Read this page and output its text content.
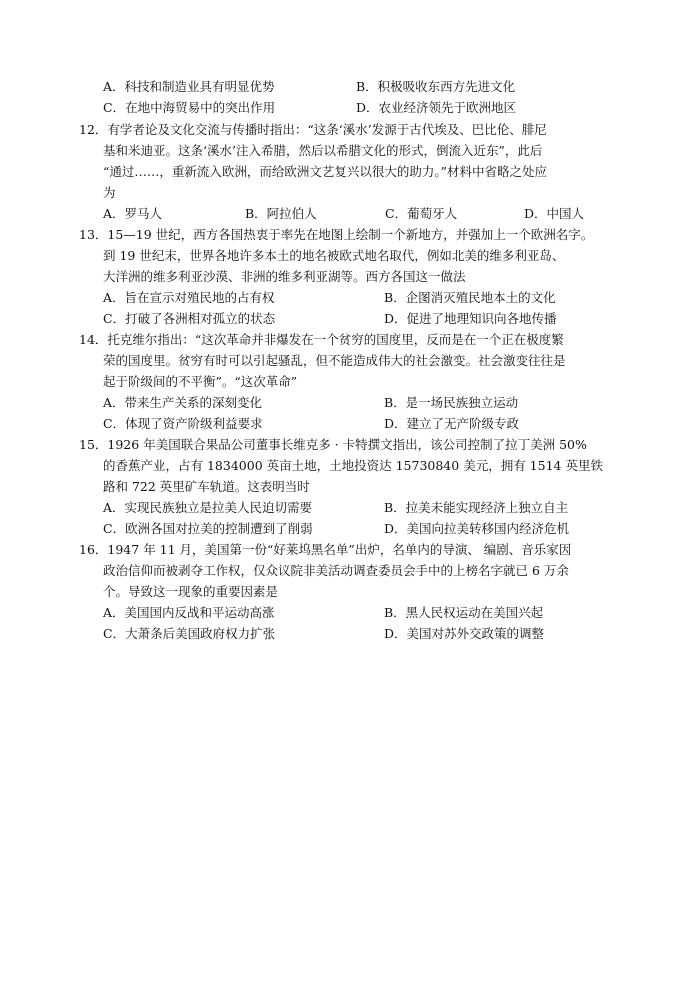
A．科技和制造业具有明显优势	B．积极吸收东西方先进文化
C．在地中海贸易中的突出作用	D．农业经济领先于欧洲地区
12．有学者论及文化交流与传播时指出：“这条‘溪水’发源于古代埃及、巴比伦、腓尼
基和米迪亚。这条‘溪水’注入希腊，然后以希腊文化的形式，倒流入近东”，此后
“通过……，重新流入欧洲，而给欧洲文艺复兴以很大的助力。”材料中省略之处应
为
A．罗马人	B．阿拉伯人	C．葡萄牙人	D．中国人
13．15—19 世纪，西方各国热衷于率先在地图上绘制一个新地方，并强加上一个欧洲名字。
到 19 世纪末，世界各地许多本土的地名被欧式地名取代，例如北美的维多利亚岛、
大洋洲的维多利亚沙漠、非洲的维多利亚湖等。西方各国这一做法
A．旨在宣示对殖民地的占有权	B．企图消灭殖民地本土的文化
C．打破了各洲相对孤立的状态	D．促进了地理知识向各地传播
14．托克维尔指出：“这次革命并非爆发在一个贫穷的国度里，反而是在一个正在极度繁
荣的国度里。贫穷有时可以引起骚乱，但不能造成伟大的社会激变。社会激变往往是
起于阶级间的不平衡”。“这次革命”
A．带来生产关系的深刻变化	B．是一场民族独立运动
C．体现了资产阶级利益要求	D．建立了无产阶级专政
15．1926 年美国联合果品公司董事长维克多 · 卡特撰文指出，该公司控制了拉丁美洲 50%
的香蕉产业，占有 1834000 英亩土地，土地投资达 15730840 美元，拥有 1514 英里铁
路和 722 英里矿车轨道。这表明当时
A．实现民族独立是拉美人民迫切需要	B．拉美未能实现经济上独立自主
C．欧洲各国对拉美的控制遭到了削弱	D．美国向拉美转移国内经济危机
16．1947 年 11 月，美国第一份“好莱坞黑名单”出炉，名单内的导演、 编剧、音乐家因
政治信仰而被剥夺工作权，仅众议院非美活动调查委员会手中的上榜名字就已 6 万余
个。导致这一现象的重要因素是
A．美国国内反战和平运动高涨	B．黑人民权运动在美国兴起
C．大萧条后美国政府权力扩张	D．美国对苏外交政策的调整
